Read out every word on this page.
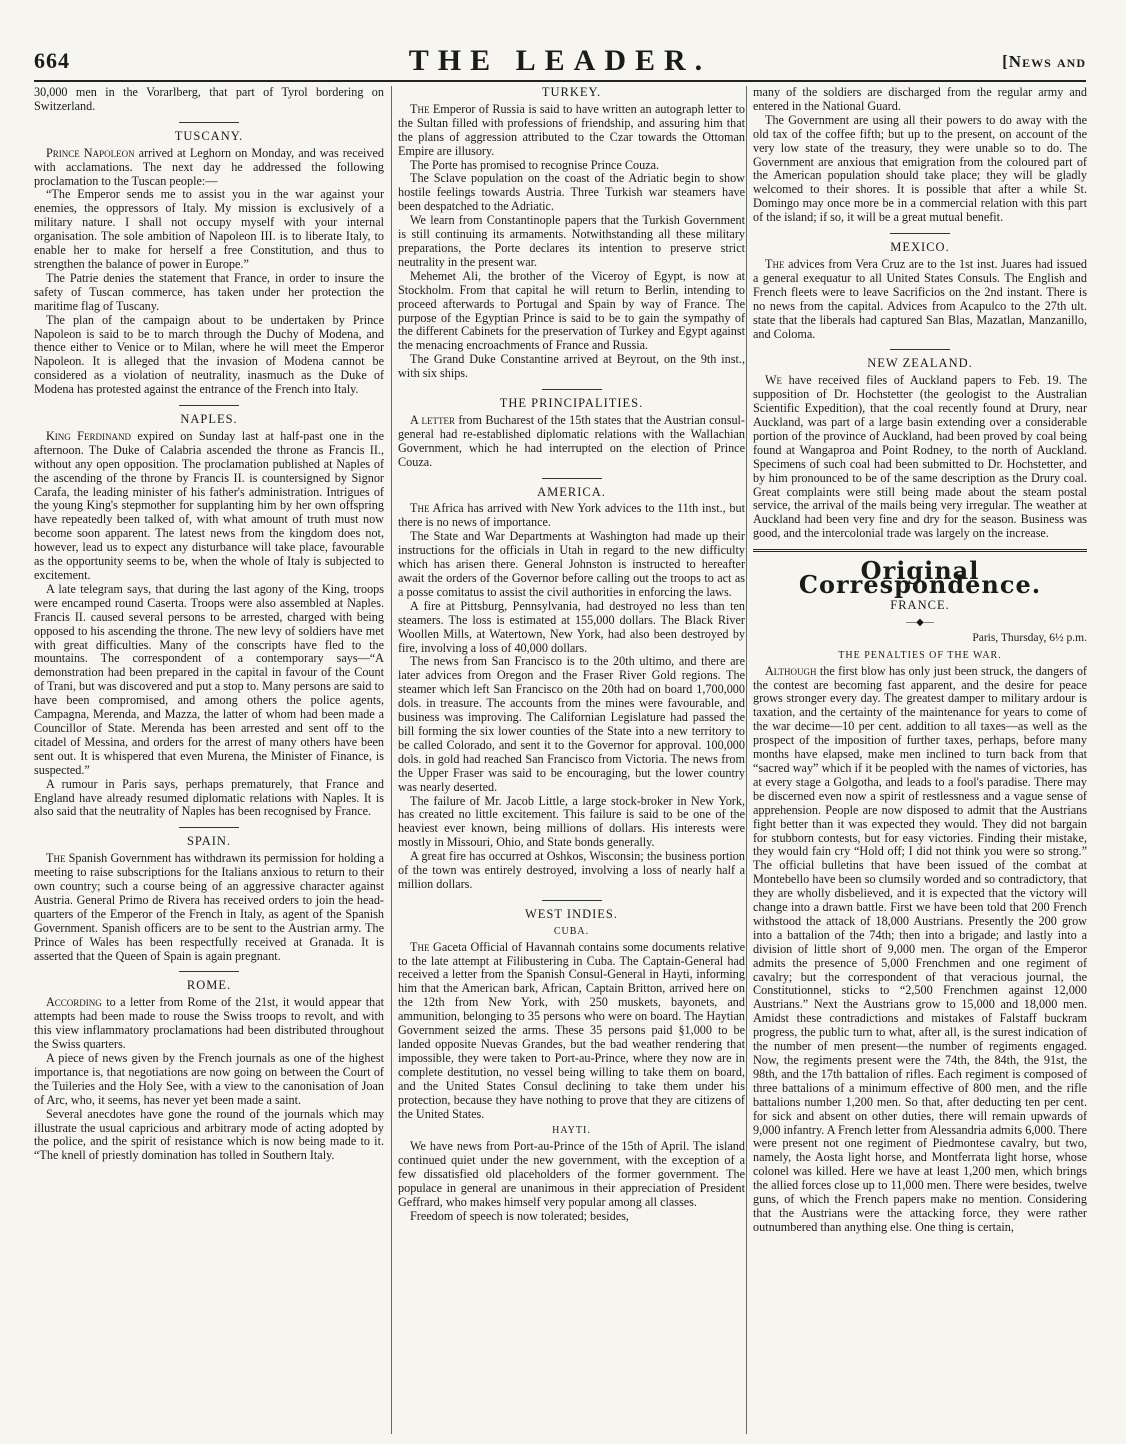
664	THE LEADER.	[News and

30,000 men in the Vorarlberg, that part of Tyrol bordering on Switzerland.

TUSCANY.

Prince Napoleon arrived at Leghorn on Monday, and was received with acclamations. The next day he addressed the following proclamation to the Tuscan people:—

“The Emperor sends me to assist you in the war against your enemies, the oppressors of Italy. My mission is exclusively of a military nature. I shall not occupy myself with your internal organisation. The sole ambition of Napoleon III. is to liberate Italy, to enable her to make for herself a free Constitution, and thus to strengthen the balance of power in Europe.”

The Patrie denies the statement that France, in order to insure the safety of Tuscan commerce, has taken under her protection the maritime flag of Tuscany.

The plan of the campaign about to be undertaken by Prince Napoleon is said to be to march through the Duchy of Modena, and thence either to Venice or to Milan, where he will meet the Emperor Napoleon. It is alleged that the invasion of Modena cannot be considered as a violation of neutrality, inasmuch as the Duke of Modena has protested against the entrance of the French into Italy.

NAPLES.

King Ferdinand expired on Sunday last at half-past one in the afternoon. The Duke of Calabria ascended the throne as Francis II., without any open opposition. The proclamation published at Naples of the ascending of the throne by Francis II. is countersigned by Signor Carafa, the leading minister of his father's administration. Intrigues of the young King's stepmother for supplanting him by her own offspring have repeatedly been talked of, with what amount of truth must now become soon apparent. The latest news from the kingdom does not, however, lead us to expect any disturbance will take place, favourable as the opportunity seems to be, when the whole of Italy is subjected to excitement.

A late telegram says, that during the last agony of the King, troops were encamped round Caserta. Troops were also assembled at Naples. Francis II. caused several persons to be arrested, charged with being opposed to his ascending the throne. The new levy of soldiers have met with great difficulties. Many of the conscripts have fled to the mountains. The correspondent of a contemporary says—“A demonstration had been prepared in the capital in favour of the Count of Trani, but was discovered and put a stop to. Many persons are said to have been compromised, and among others the police agents, Campagna, Merenda, and Mazza, the latter of whom had been made a Councillor of State. Merenda has been arrested and sent off to the citadel of Messina, and orders for the arrest of many others have been sent out. It is whispered that even Murena, the Minister of Finance, is suspected.”

A rumour in Paris says, perhaps prematurely, that France and England have already resumed diplomatic relations with Naples. It is also said that the neutrality of Naples has been recognised by France.

SPAIN.

The Spanish Government has withdrawn its permission for holding a meeting to raise subscriptions for the Italians anxious to return to their own country; such a course being of an aggressive character against Austria. General Primo de Rivera has received orders to join the head-quarters of the Emperor of the French in Italy, as agent of the Spanish Government. Spanish officers are to be sent to the Austrian army. The Prince of Wales has been respectfully received at Granada. It is asserted that the Queen of Spain is again pregnant.

ROME.

According to a letter from Rome of the 21st, it would appear that attempts had been made to rouse the Swiss troops to revolt, and with this view inflammatory proclamations had been distributed throughout the Swiss quarters.

A piece of news given by the French journals as one of the highest importance is, that negotiations are now going on between the Court of the Tuileries and the Holy See, with a view to the canonisation of Joan of Arc, who, it seems, has never yet been made a saint.

Several anecdotes have gone the round of the journals which may illustrate the usual capricious and arbitrary mode of acting adopted by the police, and the spirit of resistance which is now being made to it. “The knell of priestly domination has tolled in Southern Italy.

TURKEY.

The Emperor of Russia is said to have written an autograph letter to the Sultan filled with professions of friendship, and assuring him that the plans of aggression attributed to the Czar towards the Ottoman Empire are illusory.

The Porte has promised to recognise Prince Couza.

The Sclave population on the coast of the Adriatic begin to show hostile feelings towards Austria. Three Turkish war steamers have been despatched to the Adriatic.

We learn from Constantinople papers that the Turkish Government is still continuing its armaments. Notwithstanding all these military preparations, the Porte declares its intention to preserve strict neutrality in the present war.

Mehemet Ali, the brother of the Viceroy of Egypt, is now at Stockholm. From that capital he will return to Berlin, intending to proceed afterwards to Portugal and Spain by way of France. The purpose of the Egyptian Prince is said to be to gain the sympathy of the different Cabinets for the preservation of Turkey and Egypt against the menacing encroachments of France and Russia.

The Grand Duke Constantine arrived at Beyrout, on the 9th inst., with six ships.

THE PRINCIPALITIES.

A letter from Bucharest of the 15th states that the Austrian consul-general had re-established diplomatic relations with the Wallachian Government, which he had interrupted on the election of Prince Couza.

AMERICA.

The Africa has arrived with New York advices to the 11th inst., but there is no news of importance.

The State and War Departments at Washington had made up their instructions for the officials in Utah in regard to the new difficulty which has arisen there. General Johnston is instructed to hereafter await the orders of the Governor before calling out the troops to act as a posse comitatus to assist the civil authorities in enforcing the laws.

A fire at Pittsburg, Pennsylvania, had destroyed no less than ten steamers. The loss is estimated at 155,000 dollars. The Black River Woollen Mills, at Watertown, New York, had also been destroyed by fire, involving a loss of 40,000 dollars.

The news from San Francisco is to the 20th ultimo, and there are later advices from Oregon and the Fraser River Gold regions. The steamer which left San Francisco on the 20th had on board 1,700,000 dols. in treasure. The accounts from the mines were favourable, and business was improving. The Californian Legislature had passed the bill forming the six lower counties of the State into a new territory to be called Colorado, and sent it to the Governor for approval. 100,000 dols. in gold had reached San Francisco from Victoria. The news from the Upper Fraser was said to be encouraging, but the lower country was nearly deserted.

The failure of Mr. Jacob Little, a large stock-broker in New York, has created no little excitement. This failure is said to be one of the heaviest ever known, being millions of dollars. His interests were mostly in Missouri, Ohio, and State bonds generally.

A great fire has occurred at Oshkos, Wisconsin; the business portion of the town was entirely destroyed, involving a loss of nearly half a million dollars.

WEST INDIES.
CUBA.

The Gaceta Official of Havannah contains some documents relative to the late attempt at Filibustering in Cuba. The Captain-General had received a letter from the Spanish Consul-General in Hayti, informing him that the American bark, African, Captain Britton, arrived here on the 12th from New York, with 250 muskets, bayonets, and ammunition, belonging to 35 persons who were on board. The Haytian Government seized the arms. These 35 persons paid §1,000 to be landed opposite Nuevas Grandes, but the bad weather rendering that impossible, they were taken to Port-au-Prince, where they now are in complete destitution, no vessel being willing to take them on board, and the United States Consul declining to take them under his protection, because they have nothing to prove that they are citizens of the United States.

HAYTI.

We have news from Port-au-Prince of the 15th of April. The island continued quiet under the new government, with the exception of a few dissatisfied old placeholders of the former government. The populace in general are unanimous in their appreciation of President Geffrard, who makes himself very popular among all classes.

Freedom of speech is now tolerated; besides,

many of the soldiers are discharged from the regular army and entered in the National Guard.

The Government are using all their powers to do away with the old tax of the coffee fifth; but up to the present, on account of the very low state of the treasury, they were unable so to do. The Government are anxious that emigration from the coloured part of the American population should take place; they will be gladly welcomed to their shores. It is possible that after a while St. Domingo may once more be in a commercial relation with this part of the island; if so, it will be a great mutual benefit.

MEXICO.

The advices from Vera Cruz are to the 1st inst. Juares had issued a general exequatur to all United States Consuls. The English and French fleets were to leave Sacrificios on the 2nd instant. There is no news from the capital. Advices from Acapulco to the 27th ult. state that the liberals had captured San Blas, Mazatlan, Manzanillo, and Coloma.

NEW ZEALAND.

We have received files of Auckland papers to Feb. 19. The supposition of Dr. Hochstetter (the geologist to the Australian Scientific Expedition), that the coal recently found at Drury, near Auckland, was part of a large basin extending over a considerable portion of the province of Auckland, had been proved by coal being found at Wangaproa and Point Rodney, to the north of Auckland. Specimens of such coal had been submitted to Dr. Hochstetter, and by him pronounced to be of the same description as the Drury coal. Great complaints were still being made about the steam postal service, the arrival of the mails being very irregular. The weather at Auckland had been very fine and dry for the season. Business was good, and the intercolonial trade was largely on the increase.

Original Correspondence.
FRANCE.
―◆―
Paris, Thursday, 6½ p.m.
THE PENALTIES OF THE WAR.

Although the first blow has only just been struck, the dangers of the contest are becoming fast apparent, and the desire for peace grows stronger every day. The greatest damper to military ardour is taxation, and the certainty of the maintenance for years to come of the war decime—10 per cent. addition to all taxes—as well as the prospect of the imposition of further taxes, perhaps, before many months have elapsed, make men inclined to turn back from that “sacred way” which if it be peopled with the names of victories, has at every stage a Golgotha, and leads to a fool's paradise. There may be discerned even now a spirit of restlessness and a vague sense of apprehension. People are now disposed to admit that the Austrians fight better than it was expected they would. They did not bargain for stubborn contests, but for easy victories. Finding their mistake, they would fain cry “Hold off; I did not think you were so strong.” The official bulletins that have been issued of the combat at Montebello have been so clumsily worded and so contradictory, that they are wholly disbelieved, and it is expected that the victory will change into a drawn battle. First we have been told that 200 French withstood the attack of 18,000 Austrians. Presently the 200 grow into a battalion of the 74th; then into a brigade; and lastly into a division of little short of 9,000 men. The organ of the Emperor admits the presence of 5,000 Frenchmen and one regiment of cavalry; but the correspondent of that veracious journal, the Constitutionnel, sticks to “2,500 Frenchmen against 12,000 Austrians.” Next the Austrians grow to 15,000 and 18,000 men. Amidst these contradictions and mistakes of Falstaff buckram progress, the public turn to what, after all, is the surest indication of the number of men present—the number of regiments engaged. Now, the regiments present were the 74th, the 84th, the 91st, the 98th, and the 17th battalion of rifles. Each regiment is composed of three battalions of a minimum effective of 800 men, and the rifle battalions number 1,200 men. So that, after deducting ten per cent. for sick and absent on other duties, there will remain upwards of 9,000 infantry. A French letter from Alessandria admits 6,000. There were present not one regiment of Piedmontese cavalry, but two, namely, the Aosta light horse, and Montferrata light horse, whose colonel was killed. Here we have at least 1,200 men, which brings the allied forces close up to 11,000 men. There were besides, twelve guns, of which the French papers make no mention. Considering that the Austrians were the attacking force, they were rather outnumbered than anything else. One thing is certain,
